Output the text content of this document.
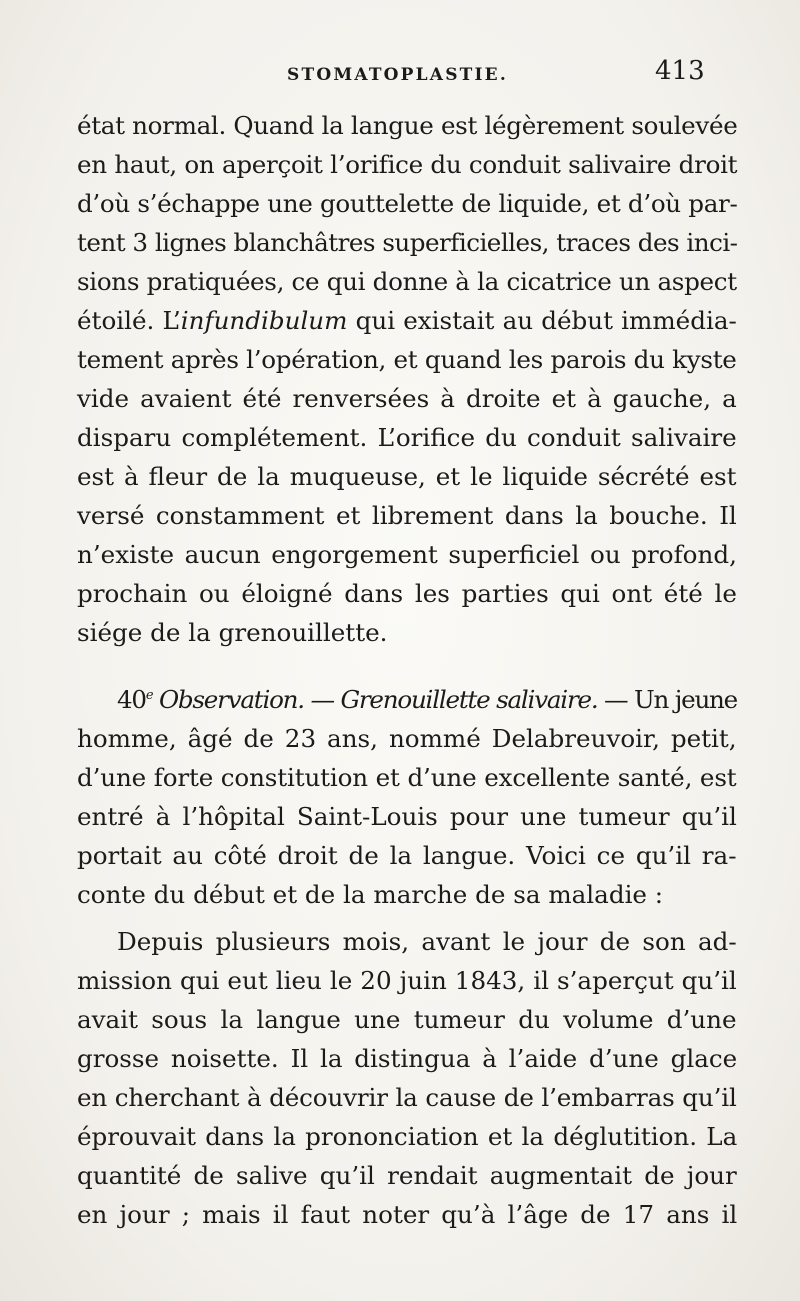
STOMATOPLASTIE.	413
état normal. Quand la langue est légèrement soulevée
en haut, on aperçoit l’orifice du conduit salivaire droit
d’où s’échappe une gouttelette de liquide, et d’où par-
tent 3 lignes blanchâtres superficielles, traces des inci-
sions pratiquées, ce qui donne à la cicatrice un aspect
étoilé. L’infundibulum qui existait au début immédia-
tement après l’opération, et quand les parois du kyste
vide avaient été renversées à droite et à gauche, a
disparu complétement. L’orifice du conduit salivaire
est à fleur de la muqueuse, et le liquide sécrété est
versé constamment et librement dans la bouche. Il
n’existe aucun engorgement superficiel ou profond,
prochain ou éloigné dans les parties qui ont été le
siége de la grenouillette.
40e Observation. — Grenouillette salivaire. — Un jeune
homme, âgé de 23 ans, nommé Delabreuvoir, petit,
d’une forte constitution et d’une excellente santé, est
entré à l’hôpital Saint-Louis pour une tumeur qu’il
portait au côté droit de la langue. Voici ce qu’il ra-
conte du début et de la marche de sa maladie :
Depuis plusieurs mois, avant le jour de son ad-
mission qui eut lieu le 20 juin 1843, il s’aperçut qu’il
avait sous la langue une tumeur du volume d’une
grosse noisette. Il la distingua à l’aide d’une glace
en cherchant à découvrir la cause de l’embarras qu’il
éprouvait dans la prononciation et la déglutition. La
quantité de salive qu’il rendait augmentait de jour
en jour ; mais il faut noter qu’à l’âge de 17 ans il
